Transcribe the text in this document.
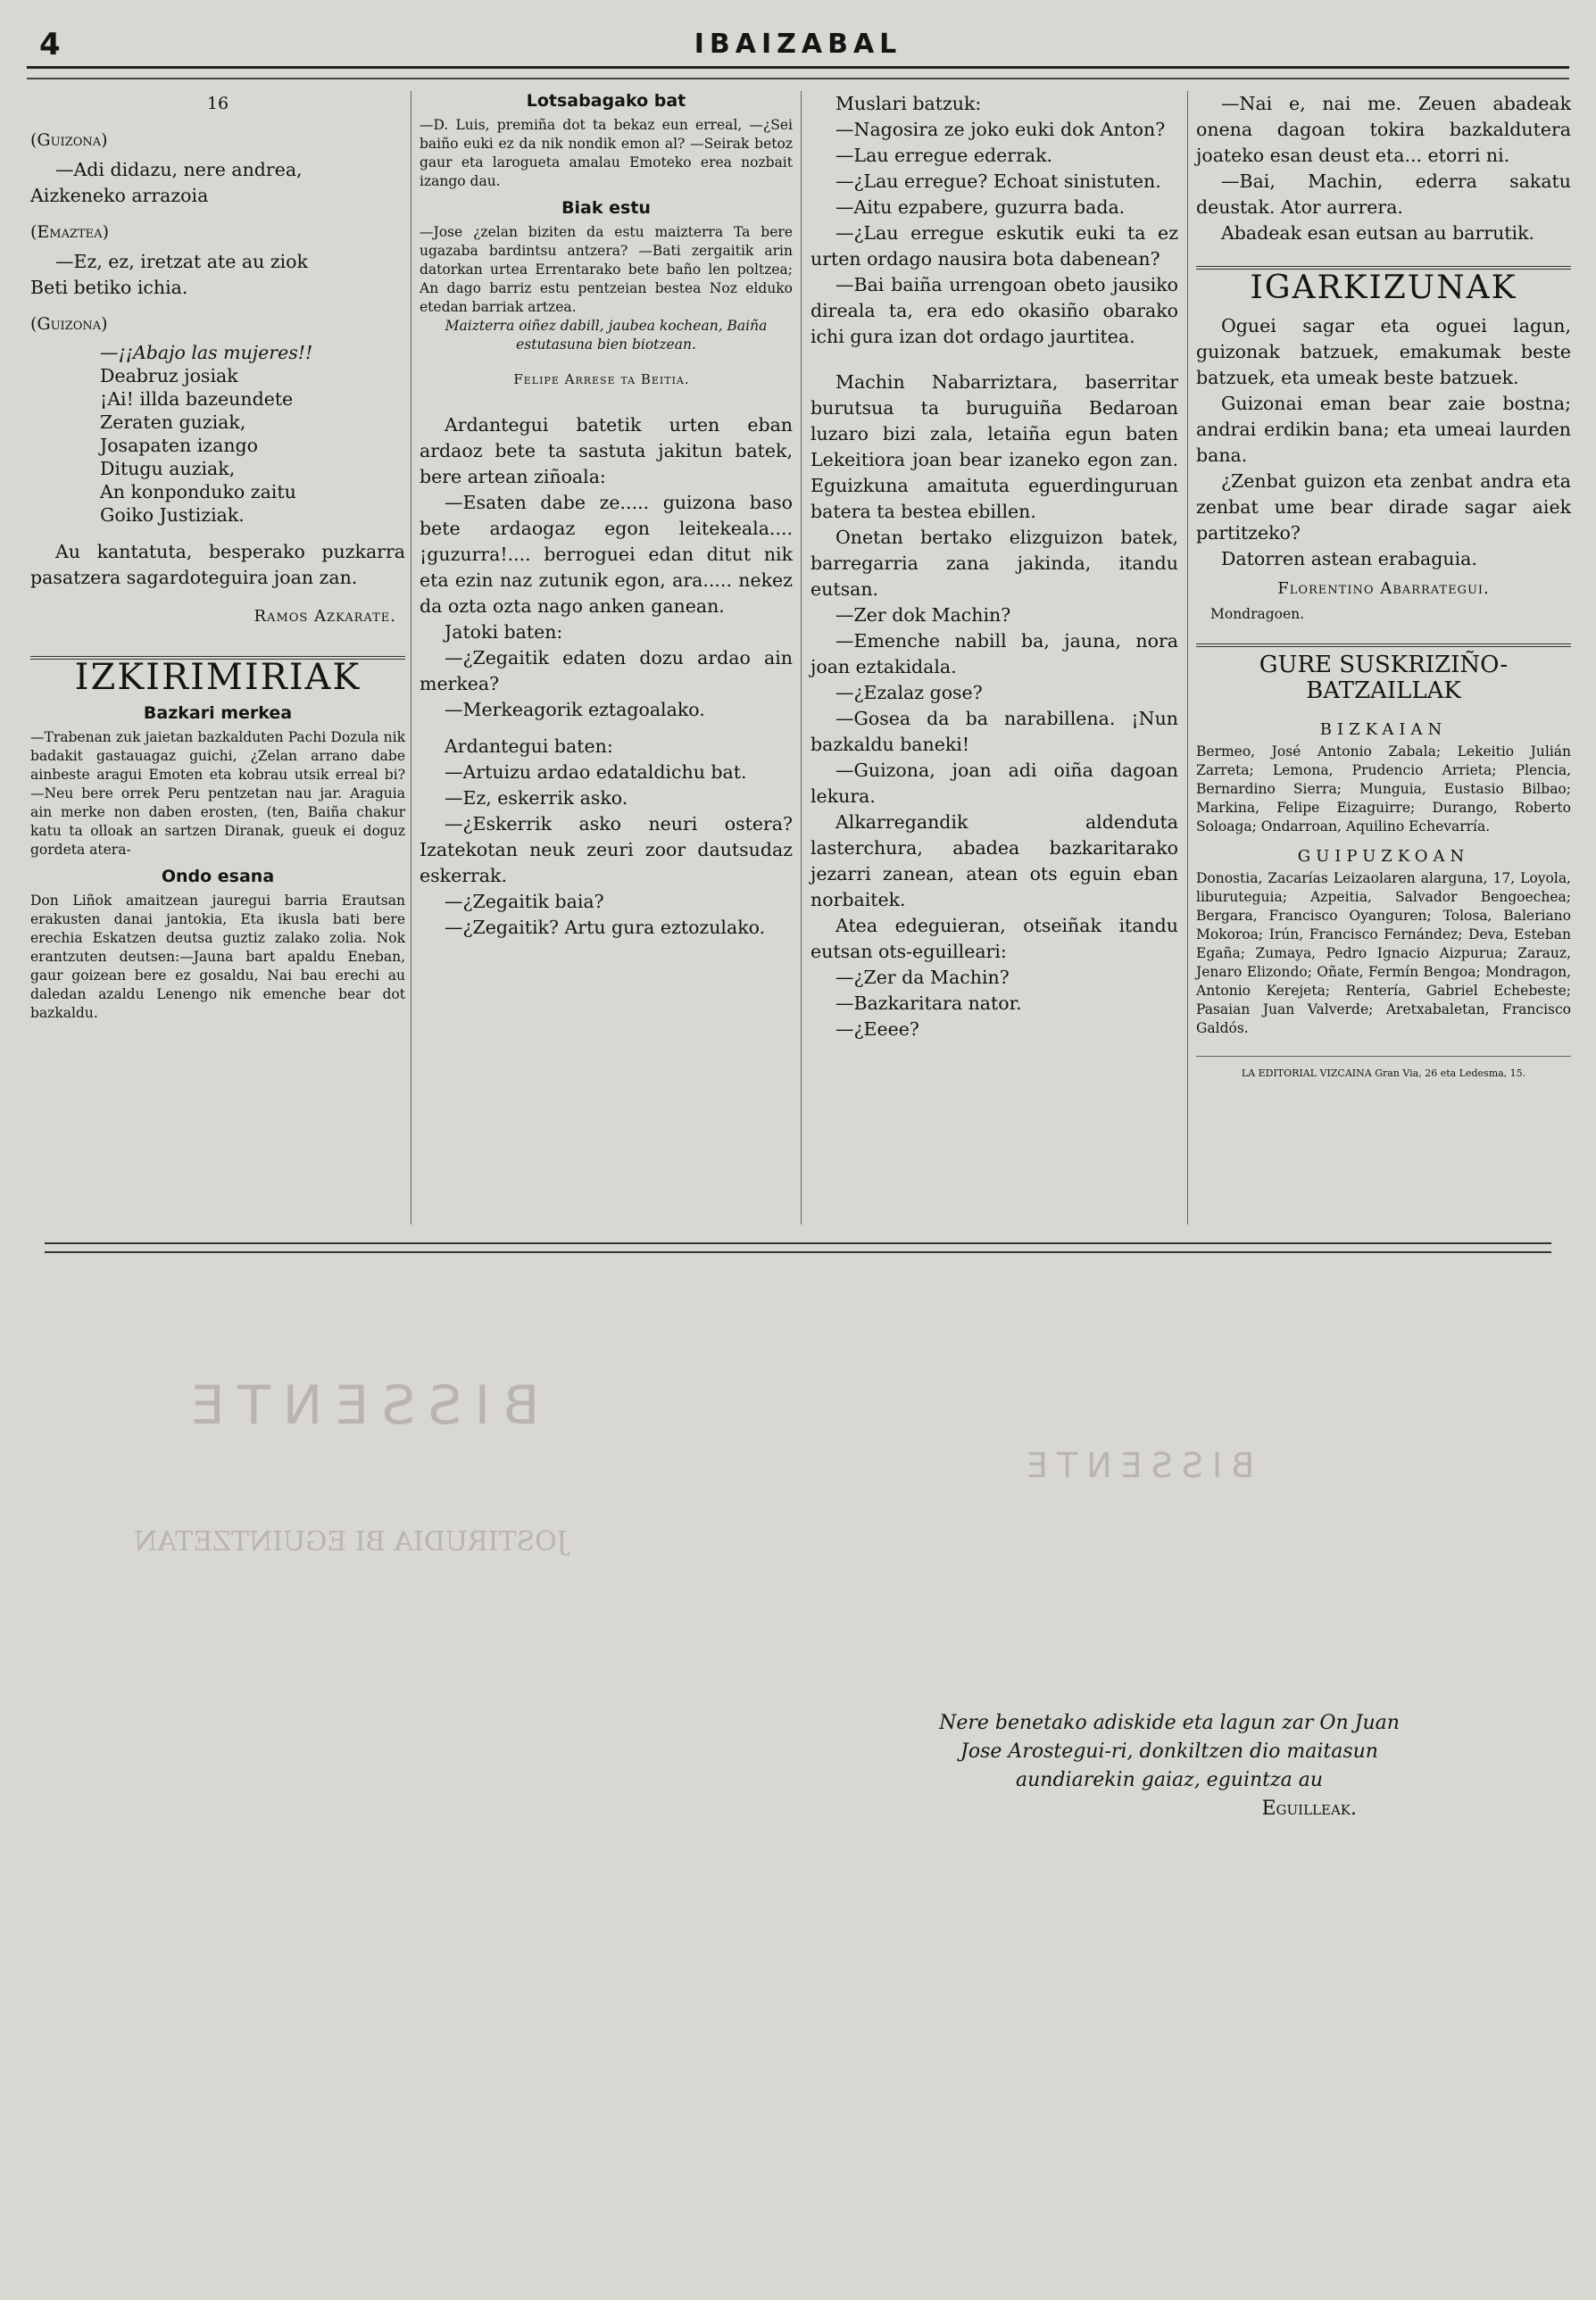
4	IBAIZABAL
16
(Guizona)

—Adi didazu, nere andrea,

Aizkeneko arrazoia

(Emaztea)

—Ez, ez, iretzat ate au ziok

Beti betiko ichia.

(Guizona)
—¡¡Abajo las mujeres!!
Deabruz josiak
¡Ai! illda bazeundete
Zeraten guziak,
Josapaten izango
Ditugu auziak,
An konponduko zaitu
Goiko Justiziak.

Au kantatuta, besperako puzkarra pasatzera sagardoteguira joan zan.

Ramos Azkarate.
IZKIRIMIRIAK
Bazkari merkea

—Trabenan zuk jaietan bazkalduten Pachi Dozula nik badakit gastauagaz guichi, ¿Zelan arrano dabe ainbeste aragui Emoten eta kobrau utsik erreal bi? —Neu bere orrek Peru pentzetan nau jar. Araguia ain merke non daben erosten, (ten, Baiña chakur katu ta olloak an sartzen Diranak, gueuk ei doguz gordeta atera-

Ondo esana

Don Liñok amaitzean jauregui barria Erautsan erakusten danai jantokia, Eta ikusla bati bere erechia Eskatzen deutsa guztiz zalako zolia. Nok erantzuten deutsen:—Jauna bart apaldu Eneban, gaur goizean bere ez gosaldu, Nai bau erechi au daledan azaldu Lenengo nik emenche bear dot bazkaldu.

Lotsabagako bat

—D. Luis, premiña dot ta bekaz eun erreal, —¿Sei baiño euki ez da nik nondik emon al? —Seirak betoz gaur eta larogueta amalau Emoteko erea nozbait izango dau.

Biak estu

—Jose ¿zelan biziten da estu maizterra Ta bere ugazaba bardintsu antzera? —Bati zergaitik arin datorkan urtea Errentarako bete baño len poltzea; An dago barriz estu pentzeian bestea Noz elduko etedan barriak artzea.

Maizterra oiñez dabill, jaubea kochean, Baiña estutasuna bien biotzean.

Felipe Arrese ta Beitia.

Ardantegui batetik urten eban ardaoz bete ta sastuta jakitun batek, bere artean ziñoala:

—Esaten dabe ze..... guizona baso bete ardaogaz egon leitekeala.... ¡guzurra!.... berroguei edan ditut nik eta ezin naz zutunik egon, ara..... nekez da ozta ozta nago anken ganean.

Jatoki baten:

—¿Zegaitik edaten dozu ardao ain merkea?

—Merkeagorik eztagoalako.

Ardantegui baten:

—Artuizu ardao edataldichu bat.

—Ez, eskerrik asko.

—¿Eskerrik asko neuri ostera? Izatekotan neuk zeuri zoor dautsudaz eskerrak.

—¿Zegaitik baia?

—¿Zegaitik? Artu gura eztozulako.

Muslari batzuk:

—Nagosira ze joko euki dok Anton?

—Lau erregue ederrak.

—¿Lau erregue? Echoat sinistuten.

—Aitu ezpabere, guzurra bada.

—¿Lau erregue eskutik euki ta ez urten ordago nausira bota dabenean?

—Bai baiña urrengoan obeto jausiko direala ta, era edo okasiño obarako ichi gura izan dot ordago jaurtitea.

Machin Nabarriztara, baserritar burutsua ta buruguiña Bedaroan luzaro bizi zala, letaiña egun baten Lekeitiora joan bear izaneko egon zan. Eguizkuna amaituta eguerdinguruan batera ta bestea ebillen.

Onetan bertako elizguizon batek, barregarria zana jakinda, itandu eutsan.

—Zer dok Machin?

—Emenche nabill ba, jauna, nora joan eztakidala.

—¿Ezalaz gose?

—Gosea da ba narabillena. ¡Nun bazkaldu baneki!

—Guizona, joan adi oiña dagoan lekura.

Alkarregandik aldenduta lasterchura, abadea bazkaritarako jezarri zanean, atean ots eguin eban norbaitek.

Atea edeguieran, otseiñak itandu eutsan ots-eguilleari:

—¿Zer da Machin?

—Bazkaritara nator.

—¿Eeee?

—Nai e, nai me. Zeuen abadeak onena dagoan tokira bazkaldutera joateko esan deust eta... etorri ni.

—Bai, Machin, ederra sakatu deustak. Ator aurrera.

Abadeak esan eutsan au barrutik.

IGARKIZUNAK

Oguei sagar eta oguei lagun, guizonak batzuek, emakumak beste batzuek, eta umeak beste batzuek.

Guizonai eman bear zaie bostna; andrai erdikin bana; eta umeai laurden bana.

¿Zenbat guizon eta zenbat andra eta zenbat ume bear dirade sagar aiek partitzeko?

Datorren astean erabaguia.

Florentino Abarrategui.
Mondragoen.
GURE SUSKRIZIÑO-BATZAILLAK
BIZKAIAN

Bermeo, José Antonio Zabala; Lekeitio Julián Zarreta; Lemona, Prudencio Arrieta; Plencia, Bernardino Sierra; Munguia, Eustasio Bilbao; Markina, Felipe Eizaguirre; Durango, Roberto Soloaga; Ondarroan, Aquilino Echevarría.

GUIPUZKOAN

Donostia, Zacarías Leizaolaren alarguna, 17, Loyola, liburuteguia; Azpeitia, Salvador Bengoechea; Bergara, Francisco Oyanguren; Tolosa, Baleriano Mokoroa; Irún, Francisco Fernández; Deva, Esteban Egaña; Zumaya, Pedro Ignacio Aizpurua; Zarauz, Jenaro Elizondo; Oñate, Fermín Bengoa; Mondragon, Antonio Kerejeta; Rentería, Gabriel Echebeste; Pasaian Juan Valverde; Aretxabaletan, Francisco Galdós.

LA EDITORIAL VIZCAINA Gran Via, 26 eta Ledesma, 15.
BISSENTE
BISSENTE
JOSTIRUDIA BI EGUINTZETAN
Nere benetako adiskide eta lagun zar On Juan Jose Arostegui-ri, donkiltzen dio maitasun aundiarekin gaiaz, eguintza au
Eguilleak.
